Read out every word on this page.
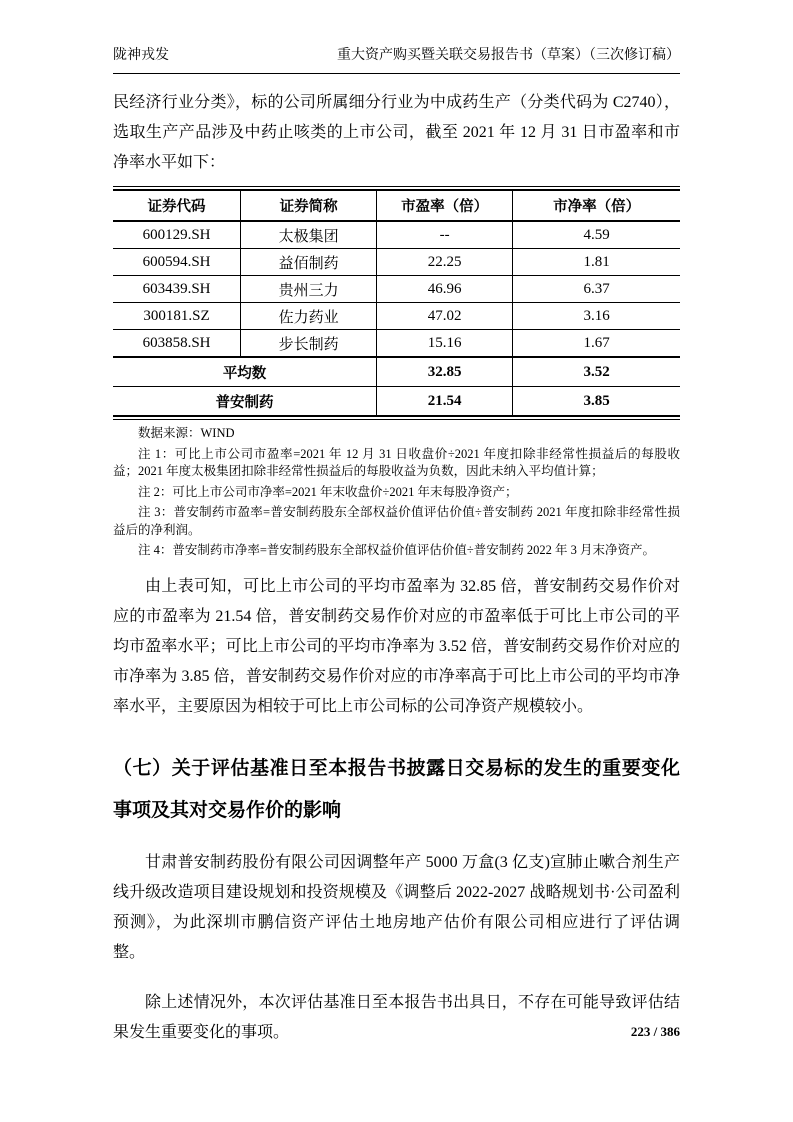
陇神戎发	重大资产购买暨关联交易报告书（草案）（三次修订稿）

民经济行业分类》，标的公司所属细分行业为中成药生产（分类代码为 C2740），选取生产产品涉及中药止咳类的上市公司，截至 2021 年 12 月 31 日市盈率和市净率水平如下：

证券代码	证券简称	市盈率（倍）	市净率（倍）
600129.SH	太极集团	--	4.59
600594.SH	益佰制药	22.25	1.81
603439.SH	贵州三力	46.96	6.37
300181.SZ	佐力药业	47.02	3.16
603858.SH	步长制药	15.16	1.67
平均数		32.85	3.52
普安制药		21.54	3.85

数据来源：WIND

注 1：可比上市公司市盈率=2021 年 12 月 31 日收盘价÷2021 年度扣除非经常性损益后的每股收益；2021 年度太极集团扣除非经常性损益后的每股收益为负数，因此未纳入平均值计算；

注 2：可比上市公司市净率=2021 年末收盘价÷2021 年末每股净资产；

注 3：普安制药市盈率=普安制药股东全部权益价值评估价值÷普安制药 2021 年度扣除非经常性损益后的净利润。

注 4：普安制药市净率=普安制药股东全部权益价值评估价值÷普安制药 2022 年 3 月末净资产。

由上表可知，可比上市公司的平均市盈率为 32.85 倍，普安制药交易作价对应的市盈率为 21.54 倍，普安制药交易作价对应的市盈率低于可比上市公司的平均市盈率水平；可比上市公司的平均市净率为 3.52 倍，普安制药交易作价对应的市净率为 3.85 倍，普安制药交易作价对应的市净率高于可比上市公司的平均市净率水平，主要原因为相较于可比上市公司标的公司净资产规模较小。

（七）关于评估基准日至本报告书披露日交易标的发生的重要变化事项及其对交易作价的影响

甘肃普安制药股份有限公司因调整年产 5000 万盒(3 亿支)宣肺止嗽合剂生产线升级改造项目建设规划和投资规模及《调整后 2022-2027 战略规划书·公司盈利预测》，为此深圳市鹏信资产评估土地房地产估价有限公司相应进行了评估调整。

除上述情况外，本次评估基准日至本报告书出具日，不存在可能导致评估结果发生重要变化的事项。	223 / 386
